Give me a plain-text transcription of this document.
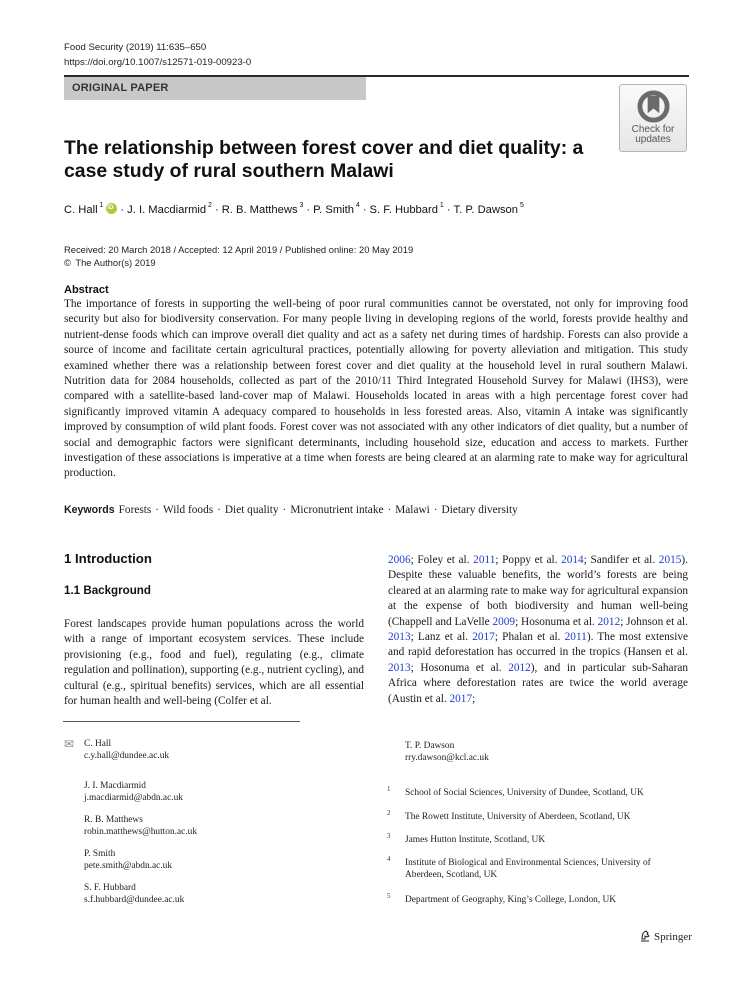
Food Security (2019) 11:635–650
https://doi.org/10.1007/s12571-019-00923-0
ORIGINAL PAPER
Check for
updates
The relationship between forest cover and diet quality: a case study of rural southern Malawi
C. Hall $^1$ iD · J. I. Macdiarmid $^2$ · R. B. Matthews $^3$ · P. Smith $^4$ · S. F. Hubbard $^1$ · T. P. Dawson $^5$
Received: 20 March 2018 / Accepted: 12 April 2019 / Published online: 20 May 2019
© The Author(s) 2019
Abstract
The importance of forests in supporting the well-being of poor rural communities cannot be overstated, not only for improving food security but also for biodiversity conservation. For many people living in developing regions of the world, forests provide healthy and nutrient-dense foods which can improve overall diet quality and act as a safety net during times of hardship. Forests can also provide a source of income and facilitate certain agricultural practices, potentially allowing for poverty alleviation and mitigation. This study examined whether there was a relationship between forest cover and diet quality at the household level in rural southern Malawi. Nutrition data for 2084 households, collected as part of the 2010/11 Third Integrated Household Survey for Malawi (IHS3), were compared with a satellite-based land-cover map of Malawi. Households located in areas with a high percentage forest cover had significantly improved vitamin A adequacy compared to households in less forested areas. Also, vitamin A intake was significantly improved by consumption of wild plant foods. Forest cover was not associated with any other indicators of diet quality, but a number of social and demographic factors were significant determinants, including household size, education and access to markets. Further investigation of these associations is imperative at a time when forests are being cleared at an alarming rate to make way for agricultural production.
Keywords Forests · Wild foods · Diet quality · Micronutrient intake · Malawi · Dietary diversity
1 Introduction
1.1 Background
Forest landscapes provide human populations across the world with a range of important ecosystem services. These include provisioning (e.g., food and fuel), regulating (e.g., climate regulation and pollination), supporting (e.g., nutrient cycling), and cultural (e.g., spiritual benefits) services, which are all essential for human health and well-being (Colfer et al.
2006; Foley et al. 2011; Poppy et al. 2014; Sandifer et al. 2015). Despite these valuable benefits, the world’s forests are being cleared at an alarming rate to make way for agricultural expansion at the expense of both biodiversity and human well-being (Chappell and LaVelle 2009; Hosonuma et al. 2012; Johnson et al. 2013; Lanz et al. 2017; Phalan et al. 2011). The most extensive and rapid deforestation has occurred in the tropics (Hansen et al. 2013; Hosonuma et al. 2012), and in particular sub-Saharan Africa where deforestation rates are twice the world average (Austin et al. 2017;
✉ C. Hall
c.y.hall@dundee.ac.uk
J. I. Macdiarmid
j.macdiarmid@abdn.ac.uk
R. B. Matthews
robin.matthews@hutton.ac.uk
P. Smith
pete.smith@abdn.ac.uk
S. F. Hubbard
s.f.hubbard@dundee.ac.uk
T. P. Dawson
rry.dawson@kcl.ac.uk
1 School of Social Sciences, University of Dundee, Scotland, UK
2 The Rowett Institute, University of Aberdeen, Scotland, UK
3 James Hutton Institute, Scotland, UK
4 Institute of Biological and Environmental Sciences, University of Aberdeen, Scotland, UK
5 Department of Geography, King’s College, London, UK
Springer
